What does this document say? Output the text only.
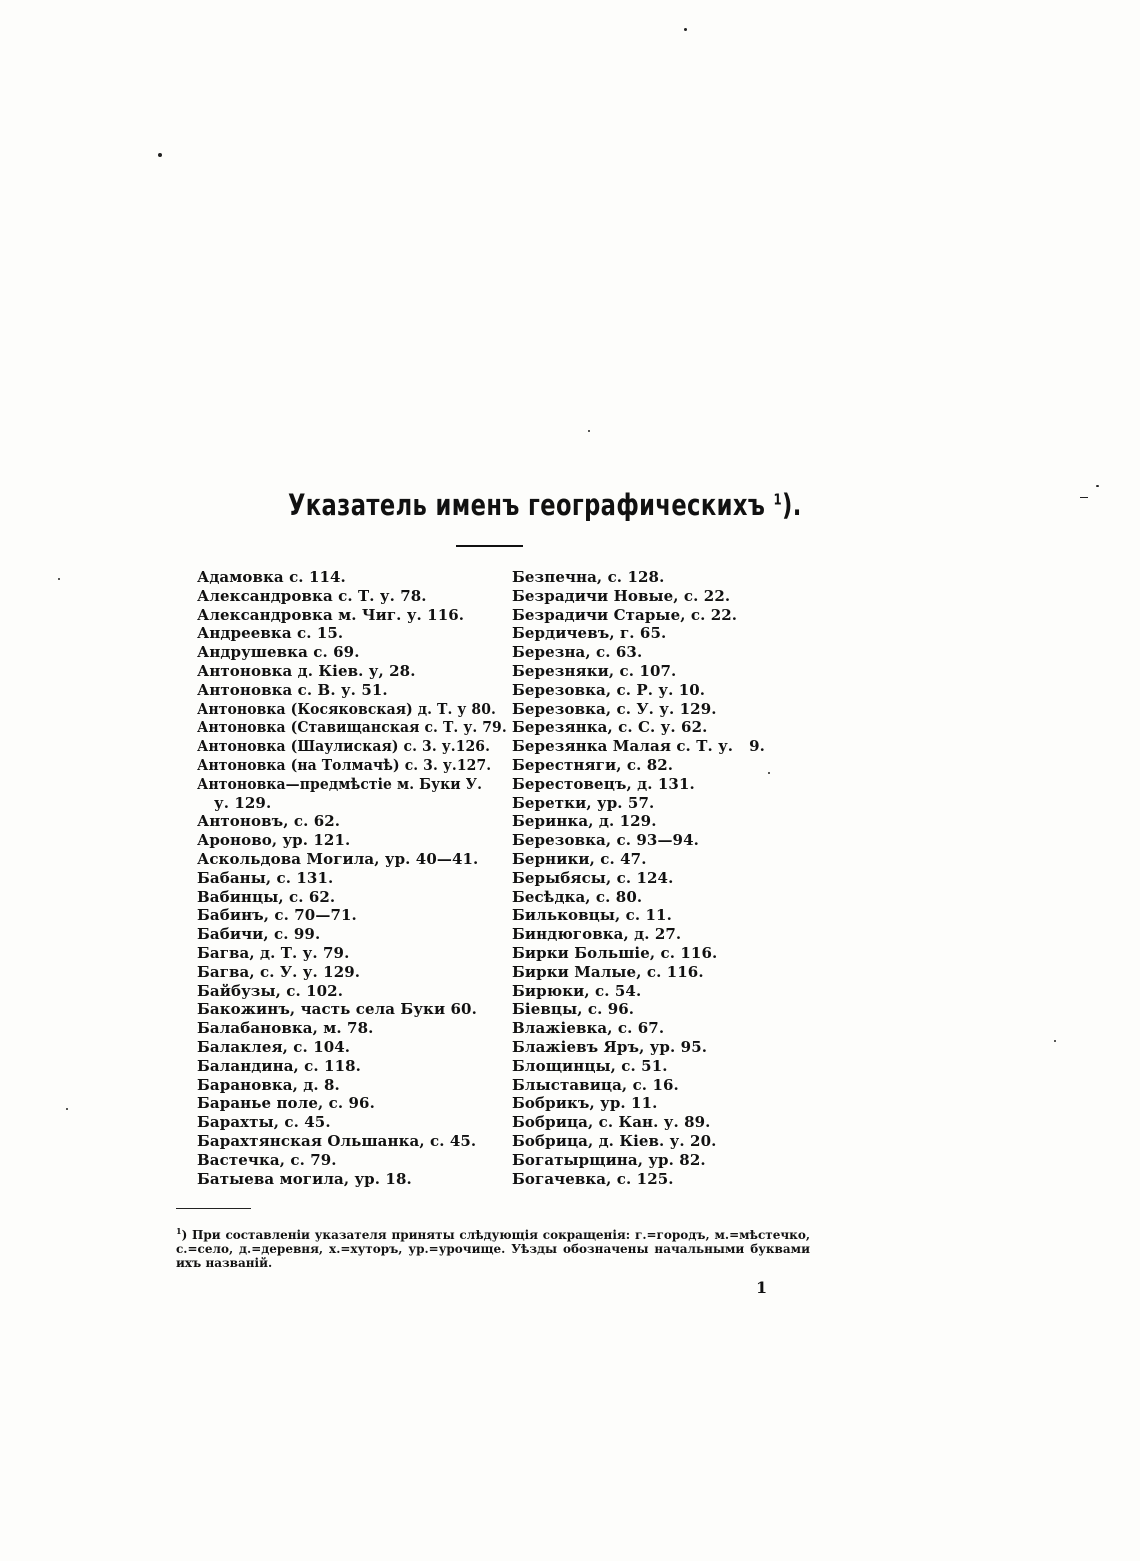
Указатель именъ географическихъ $^1$).
Адамовка с. 114.
Александровка с. Т. у. 78.
Александровка м. Чиг. у. 116.
Андреевка с. 15.
Андрушевка с. 69.
Антоновка д. Кiев. у, 28.
Антоновка с. В. у. 51.
Антоновка (Косяковская) д. Т. у 80.
Антоновка (Ставищанская с. Т. у. 79.
Антоновка (Шаулиская) с. 3. у.126.
Антоновка (на Толмачѣ) с. 3. у.127.
Антоновка—предмѣстiе м. Буки У.
у. 129.
Антоновъ, с. 62.
Ароново, ур. 121.
Аскольдова Могила, ур. 40—41.
Бабаны, с. 131.
Вабинцы, с. 62.
Бабинъ, с. 70—71.
Бабичи, с. 99.
Багва, д. Т. у. 79.
Багва, с. У. у. 129.
Байбузы, с. 102.
Бакожинъ, часть села Буки 60.
Балабановка, м. 78.
Балаклея, с. 104.
Баландина, с. 118.
Барановка, д. 8.
Баранье поле, с. 96.
Барахты, с. 45.
Барахтянская Ольшанка, с. 45.
Вастечка, с. 79.
Батыева могила, ур. 18.
Безпечна, с. 128.
Безрадичи Новые, с. 22.
Безрадичи Старые, с. 22.
Бердичевъ, г. 65.
Березна, с. 63.
Березняки, с. 107.
Березовка, с. Р. у. 10.
Березовка, с. У. у. 129.
Березянка, с. С. у. 62.
Березянка Малая с. Т. у.   9.
Берестняги, с. 82.
Берестовецъ, д. 131.
Беретки, ур. 57.
Беринка, д. 129.
Березовка, с. 93—94.
Берники, с. 47.
Берыбясы, с. 124.
Бесѣдка, с. 80.
Бильковцы, с. 11.
Биндюговка, д. 27.
Бирки Большiе, с. 116.
Бирки Малые, с. 116.
Бирюки, с. 54.
Бiевцы, с. 96.
Влажiевка, с. 67.
Блажiевъ Яръ, ур. 95.
Блощинцы, с. 51.
Блыставица, с. 16.
Бобрикъ, ур. 11.
Бобрица, с. Кан. у. 89.
Бобрица, д. Кiев. у. 20.
Богатырщина, ур. 82.
Богачевка, с. 125.
$^1$) При составленiи указателя приняты слѣдующiя сокращенiя: г.=городъ, м.=мѣстечко, с.=село, д.=деревня, х.=хуторъ, ур.=урочище. Уѣзды обозначены начальными буквами ихъ названiй.
1
